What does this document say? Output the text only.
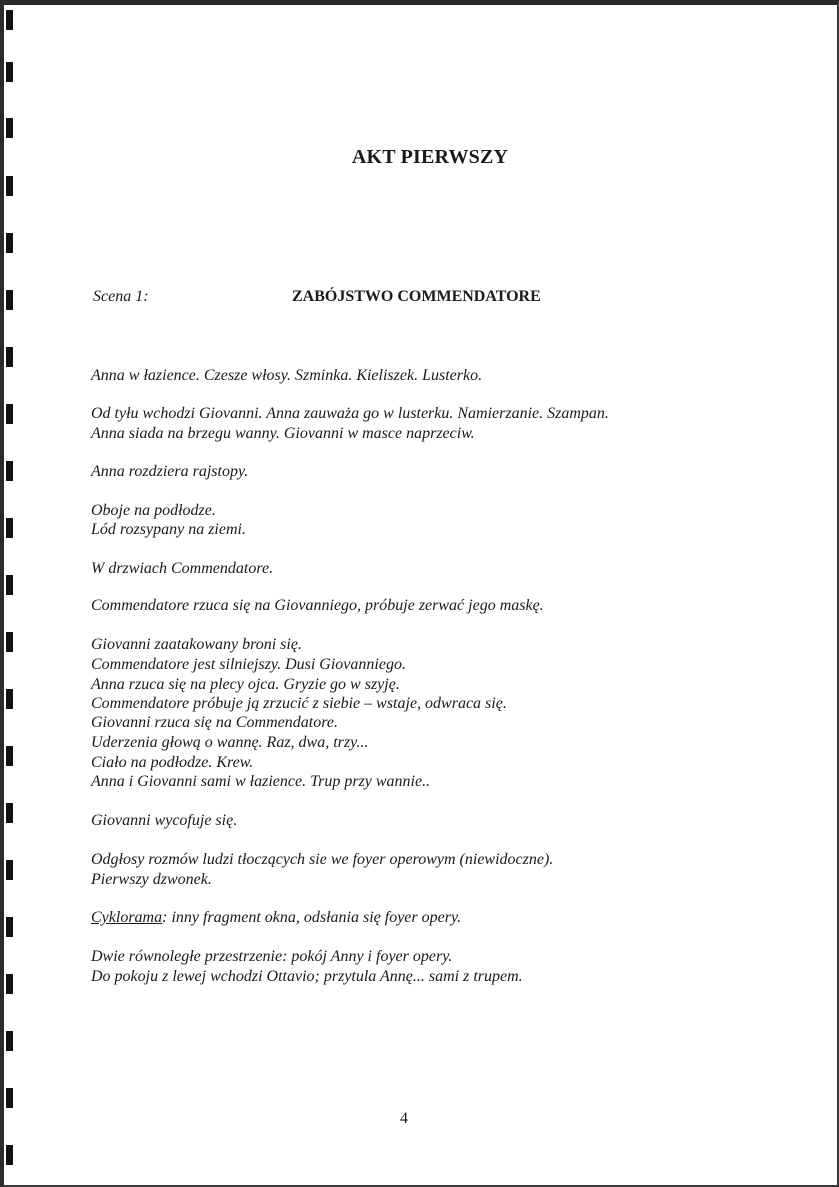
AKT PIERWSZY
Scena 1:	ZABÓJSTWO COMMENDATORE
Anna w łazience. Czesze włosy. Szminka. Kieliszek. Lusterko.
Od tyłu wchodzi Giovanni. Anna zauważa go w lusterku. Namierzanie. Szampan.
Anna siada na brzegu wanny. Giovanni w masce naprzeciw.
Anna rozdziera rajstopy.
Oboje na podłodze.
Lód rozsypany na ziemi.
W drzwiach Commendatore.
Commendatore rzuca się na Giovanniego, próbuje zerwać jego maskę.
Giovanni zaatakowany broni się.
Commendatore jest silniejszy. Dusi Giovanniego.
Anna rzuca się na plecy ojca. Gryzie go w szyję.
Commendatore próbuje ją zrzucić z siebie – wstaje, odwraca się.
Giovanni rzuca się na Commendatore.
Uderzenia głową o wannę. Raz, dwa, trzy...
Ciało na podłodze. Krew.
Anna i Giovanni sami w łazience. Trup przy wannie..
Giovanni wycofuje się.
Odgłosy rozmów ludzi tłoczących sie we foyer operowym (niewidoczne).
Pierwszy dzwonek.
Cyklorama: inny fragment okna, odsłania się foyer opery.
Dwie równoległe przestrzenie: pokój Anny i foyer opery.
Do pokoju z lewej wchodzi Ottavio; przytula Annę... sami z trupem.
4
